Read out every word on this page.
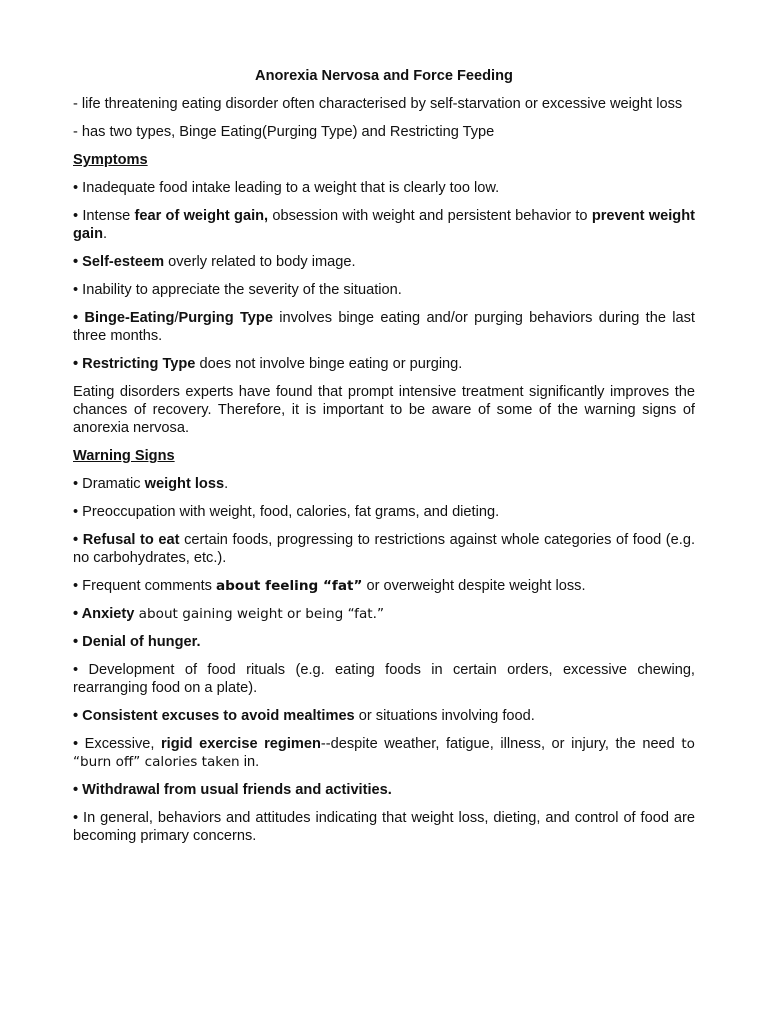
Anorexia Nervosa and Force Feeding

- life threatening eating disorder often characterised by self-starvation or excessive weight loss

- has two types, Binge Eating(Purging Type) and Restricting Type

Symptoms

• Inadequate food intake leading to a weight that is clearly too low.

• Intense fear of weight gain, obsession with weight and persistent behavior to prevent weight gain.

• Self-esteem overly related to body image.

• Inability to appreciate the severity of the situation.

• Binge-Eating/Purging Type involves binge eating and/or purging behaviors during the last three months.

• Restricting Type does not involve binge eating or purging.

Eating disorders experts have found that prompt intensive treatment significantly improves the chances of recovery. Therefore, it is important to be aware of some of the warning signs of anorexia nervosa.

Warning Signs

• Dramatic weight loss.

• Preoccupation with weight, food, calories, fat grams, and dieting.

• Refusal to eat certain foods, progressing to restrictions against whole categories of food (e.g. no carbohydrates, etc.).

• Frequent comments about feeling “fat” or overweight despite weight loss.

• Anxiety about gaining weight or being “fat.”

• Denial of hunger.

• Development of food rituals (e.g. eating foods in certain orders, excessive chewing, rearranging food on a plate).

• Consistent excuses to avoid mealtimes or situations involving food.

• Excessive, rigid exercise regimen--despite weather, fatigue, illness, or injury, the need to “burn off” calories taken in.

• Withdrawal from usual friends and activities.

• In general, behaviors and attitudes indicating that weight loss, dieting, and control of food are becoming primary concerns.
